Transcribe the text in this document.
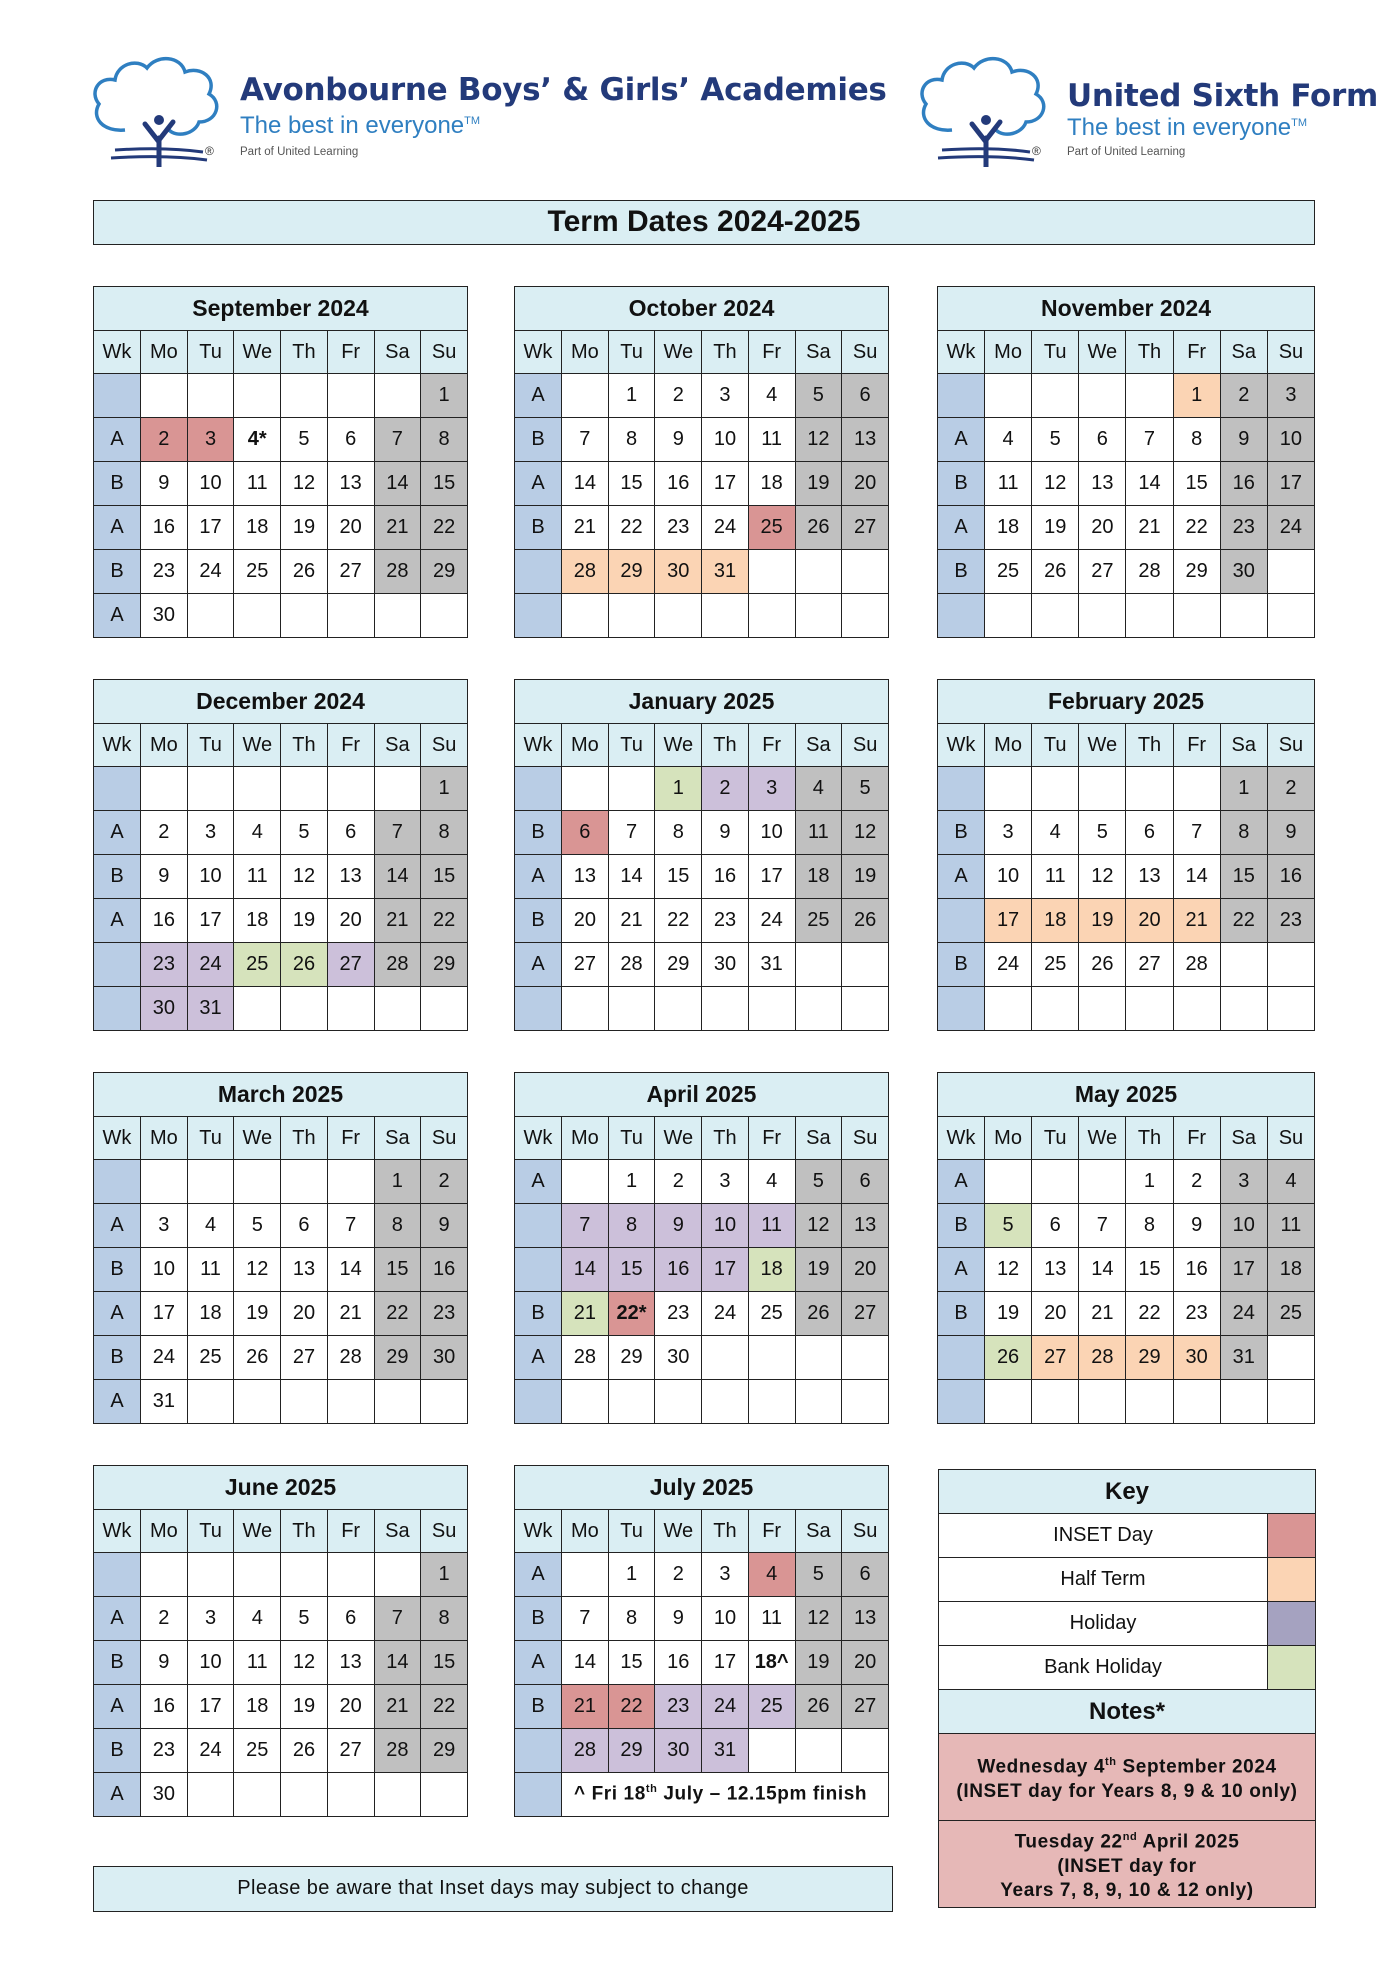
®
Avonbourne Boys’ & Girls’ Academies
The best in everyone™
Part of United Learning	®
United Sixth Form
The best in everyone™
Part of United Learning
Term Dates 2024-2025
September 2024							
Wk	Mo	Tu	We	Th	Fr	Sa	Su
							1
A	2	3	4*	5	6	7	8
B	9	10	11	12	13	14	15
A	16	17	18	19	20	21	22
B	23	24	25	26	27	28	29
A	30						
October 2024							
Wk	Mo	Tu	We	Th	Fr	Sa	Su
A		1	2	3	4	5	6
B	7	8	9	10	11	12	13
A	14	15	16	17	18	19	20
B	21	22	23	24	25	26	27
	28	29	30	31			

November 2024							
Wk	Mo	Tu	We	Th	Fr	Sa	Su
					1	2	3
A	4	5	6	7	8	9	10
B	11	12	13	14	15	16	17
A	18	19	20	21	22	23	24
B	25	26	27	28	29	30	

December 2024							
Wk	Mo	Tu	We	Th	Fr	Sa	Su
							1
A	2	3	4	5	6	7	8
B	9	10	11	12	13	14	15
A	16	17	18	19	20	21	22
	23	24	25	26	27	28	29
	30	31					
January 2025							
Wk	Mo	Tu	We	Th	Fr	Sa	Su
			1	2	3	4	5
B	6	7	8	9	10	11	12
A	13	14	15	16	17	18	19
B	20	21	22	23	24	25	26
A	27	28	29	30	31		

February 2025							
Wk	Mo	Tu	We	Th	Fr	Sa	Su
						1	2
B	3	4	5	6	7	8	9
A	10	11	12	13	14	15	16
	17	18	19	20	21	22	23
B	24	25	26	27	28		

March 2025							
Wk	Mo	Tu	We	Th	Fr	Sa	Su
						1	2
A	3	4	5	6	7	8	9
B	10	11	12	13	14	15	16
A	17	18	19	20	21	22	23
B	24	25	26	27	28	29	30
A	31						
April 2025							
Wk	Mo	Tu	We	Th	Fr	Sa	Su
A		1	2	3	4	5	6
	7	8	9	10	11	12	13
	14	15	16	17	18	19	20
B	21	22*	23	24	25	26	27
A	28	29	30				

May 2025							
Wk	Mo	Tu	We	Th	Fr	Sa	Su
A				1	2	3	4
B	5	6	7	8	9	10	11
A	12	13	14	15	16	17	18
B	19	20	21	22	23	24	25
	26	27	28	29	30	31	

June 2025							
Wk	Mo	Tu	We	Th	Fr	Sa	Su
							1
A	2	3	4	5	6	7	8
B	9	10	11	12	13	14	15
A	16	17	18	19	20	21	22
B	23	24	25	26	27	28	29
A	30						
July 2025							
Wk	Mo	Tu	We	Th	Fr	Sa	Su
A		1	2	3	4	5	6
B	7	8	9	10	11	12	13
A	14	15	16	17	18^	19	20
B	21	22	23	24	25	26	27
	28	29	30	31			
	^ Fri 18th July – 12.15pm finish						
Key	
INSET Day	
Half Term	
Holiday	
Bank Holiday	
Notes*	
Wednesday 4th September 2024
(INSET day for Years 8, 9 & 10 only)	
Tuesday 22nd April 2025
(INSET day for
Years 7, 8, 9, 10 & 12 only)	
Please be aware that Inset days may subject to change
